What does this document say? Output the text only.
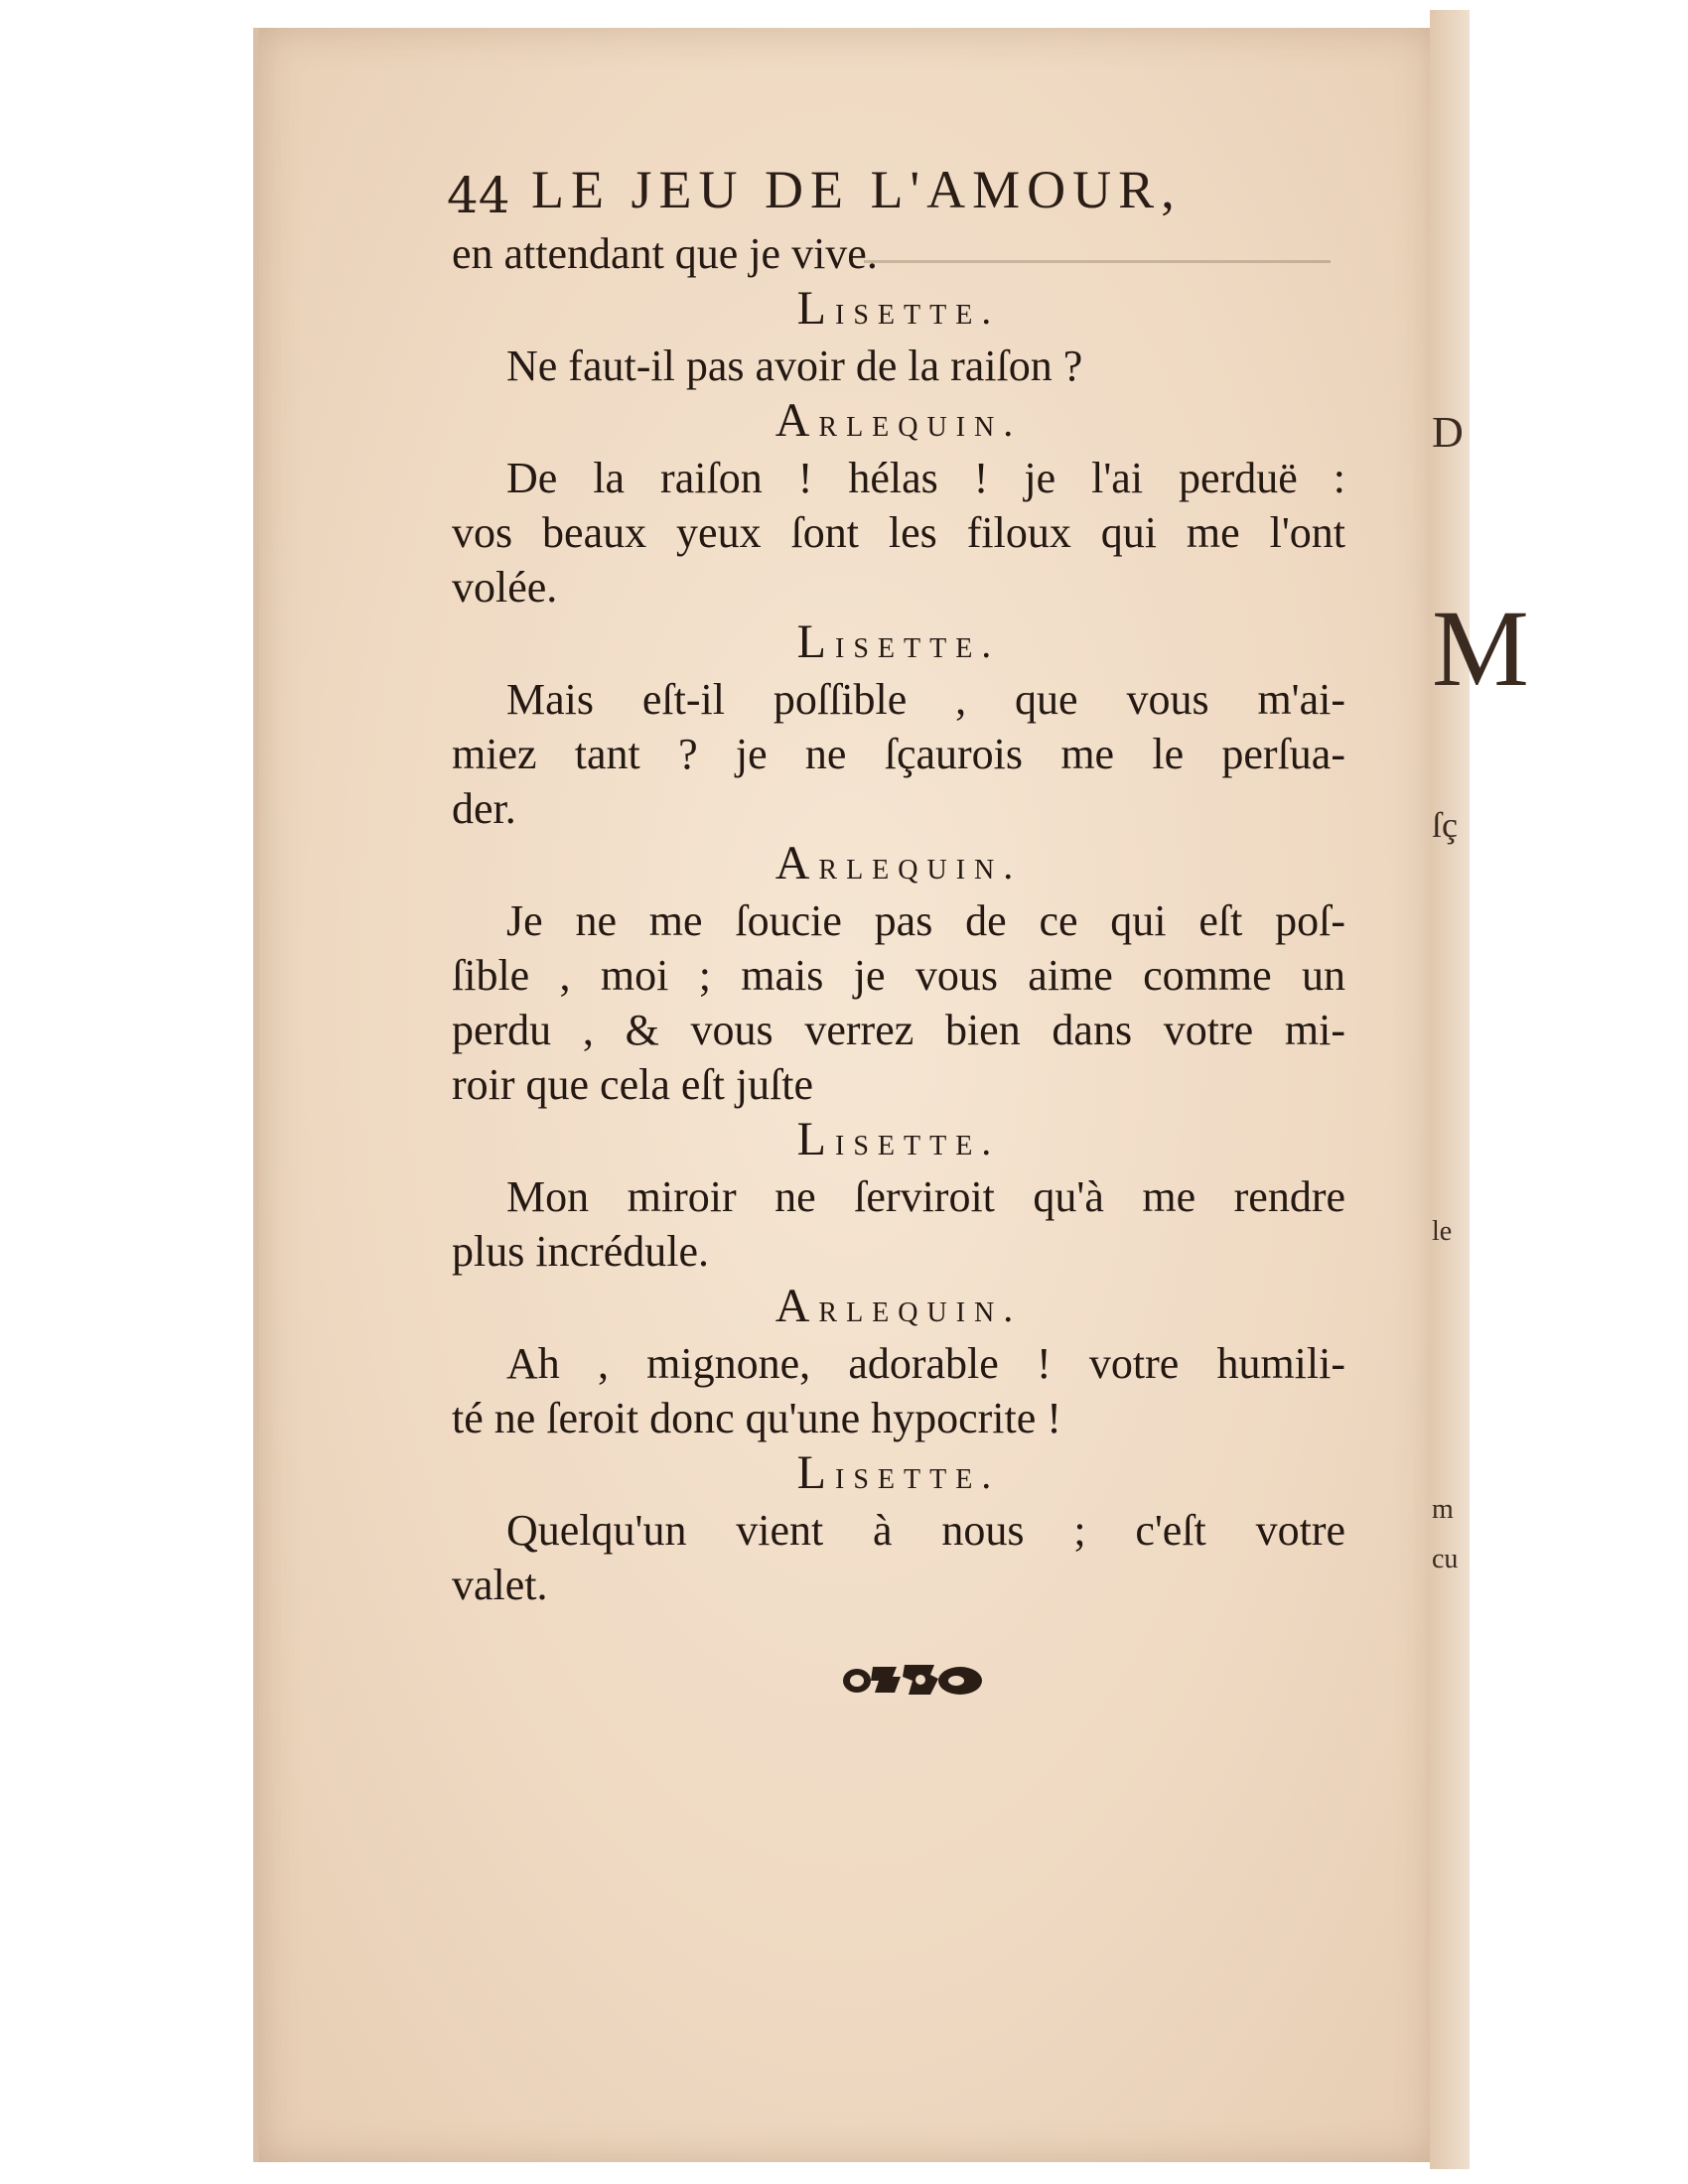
D
M
ſç
le
m
cu
44 LE JEU DE L'AMOUR,
en attendant que je vive.
Lisette.
Ne faut-il pas avoir de la raiſon ?
Arlequin.
De la raiſon ! hélas ! je l'ai perduë :
vos beaux yeux ſont les filoux qui me l'ont
volée.
Lisette.
Mais eſt-il poſſible , que vous m'ai-
miez tant ? je ne ſçaurois me le perſua-
der.
Arlequin.
Je ne me ſoucie pas de ce qui eſt poſ-
ſible , moi ; mais je vous aime comme un
perdu , & vous verrez bien dans votre mi-
roir que cela eſt juſte
Lisette.
Mon miroir ne ſerviroit qu'à me rendre
plus incrédule.
Arlequin.
Ah , mignone, adorable ! votre humili-
té ne ſeroit donc qu'une hypocrite !
Lisette.
Quelqu'un vient à nous ; c'eſt votre
valet.
